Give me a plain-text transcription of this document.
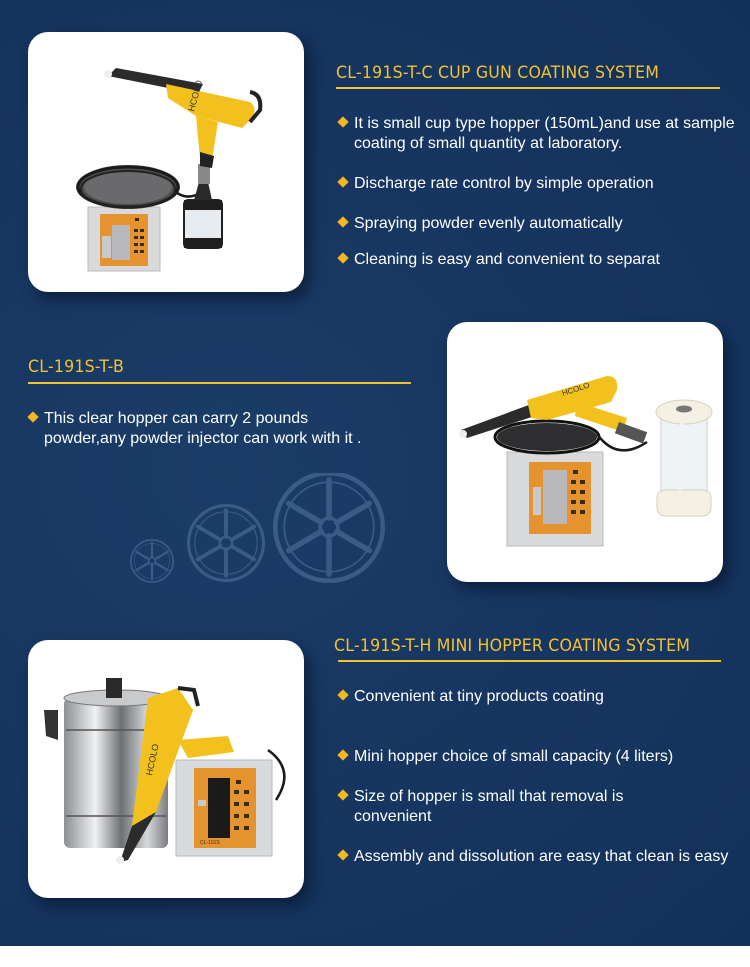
HCOLO
CL-191S-T-C CUP GUN COATING SYSTEM
It is small cup type hopper (150mL)and use at sample coating of small quantity at laboratory.
Discharge rate control by simple operation
Spraying powder evenly automatically
Cleaning is easy and convenient to separat
CL-191S-T-B
This clear hopper can carry 2 pounds powder,any powder injector can work with it .
HCOLO
HCOLO
CL-191S
CL-191S-T-H MINI HOPPER COATING SYSTEM
Convenient at tiny products coating
Mini hopper choice of small capacity (4 liters)
Size of hopper is small that removal is convenient
Assembly and dissolution are easy that clean is easy
